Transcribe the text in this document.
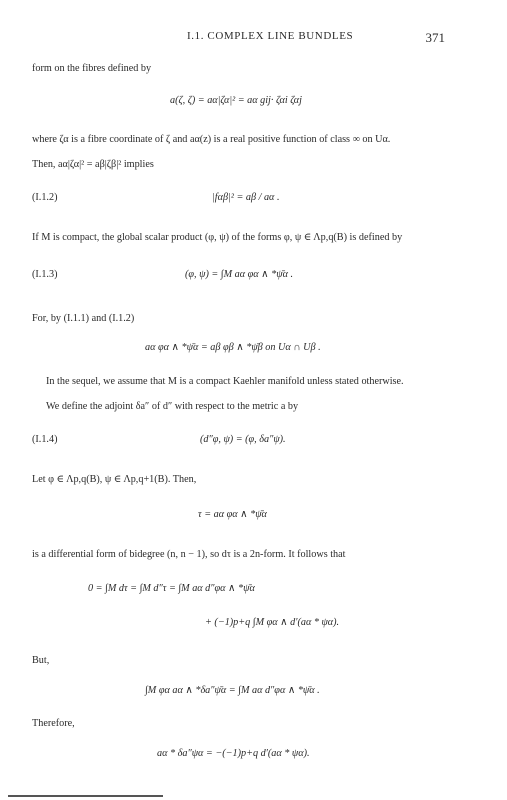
I.1. COMPLEX LINE BUNDLES	371
form on the fibres defined by
a(ζ, ζ) = aα|ζα|² = aα gij· ζαi ζαj
where ζα is a fibre coordinate of ζ and aα(z) is a real positive function of class ∞ on Uα.
Then, aα|ζα|² = aβ|ζβ|² implies
(I.1.2)	|fαβ|² = aβ / aα .
If M is compact, the global scalar product (φ, ψ) of the forms φ, ψ ∈ Λp,q(B) is defined by
(I.1.3)	(φ, ψ) = ∫M aα φα ∧ *ψ̄α .
For, by (I.1.1) and (I.1.2)
aα φα ∧ *ψ̄α = aβ φβ ∧ *ψ̄β on Uα ∩ Uβ .
In the sequel, we assume that M is a compact Kaehler manifold unless stated otherwise.
We define the adjoint δa″ of d″ with respect to the metric a by
(I.1.4)	(d″φ, ψ) = (φ, δa″ψ).
Let φ ∈ Λp,q(B), ψ ∈ Λp,q+1(B). Then,
τ = aα φα ∧ *ψ̄α
is a differential form of bidegree (n, n − 1), so dτ is a 2n-form. It follows that
0 = ∫M dτ = ∫M d″τ = ∫M aα d″φα ∧ *ψ̄α
+ (−1)p+q ∫M φα ∧ d′(aα * ψα).
But,
∫M φα aα ∧ *δa″ψ̄α = ∫M aα d″φα ∧ *ψ̄α .
Therefore,
aα * δa″ψα = −(−1)p+q d′(aα * ψα).
